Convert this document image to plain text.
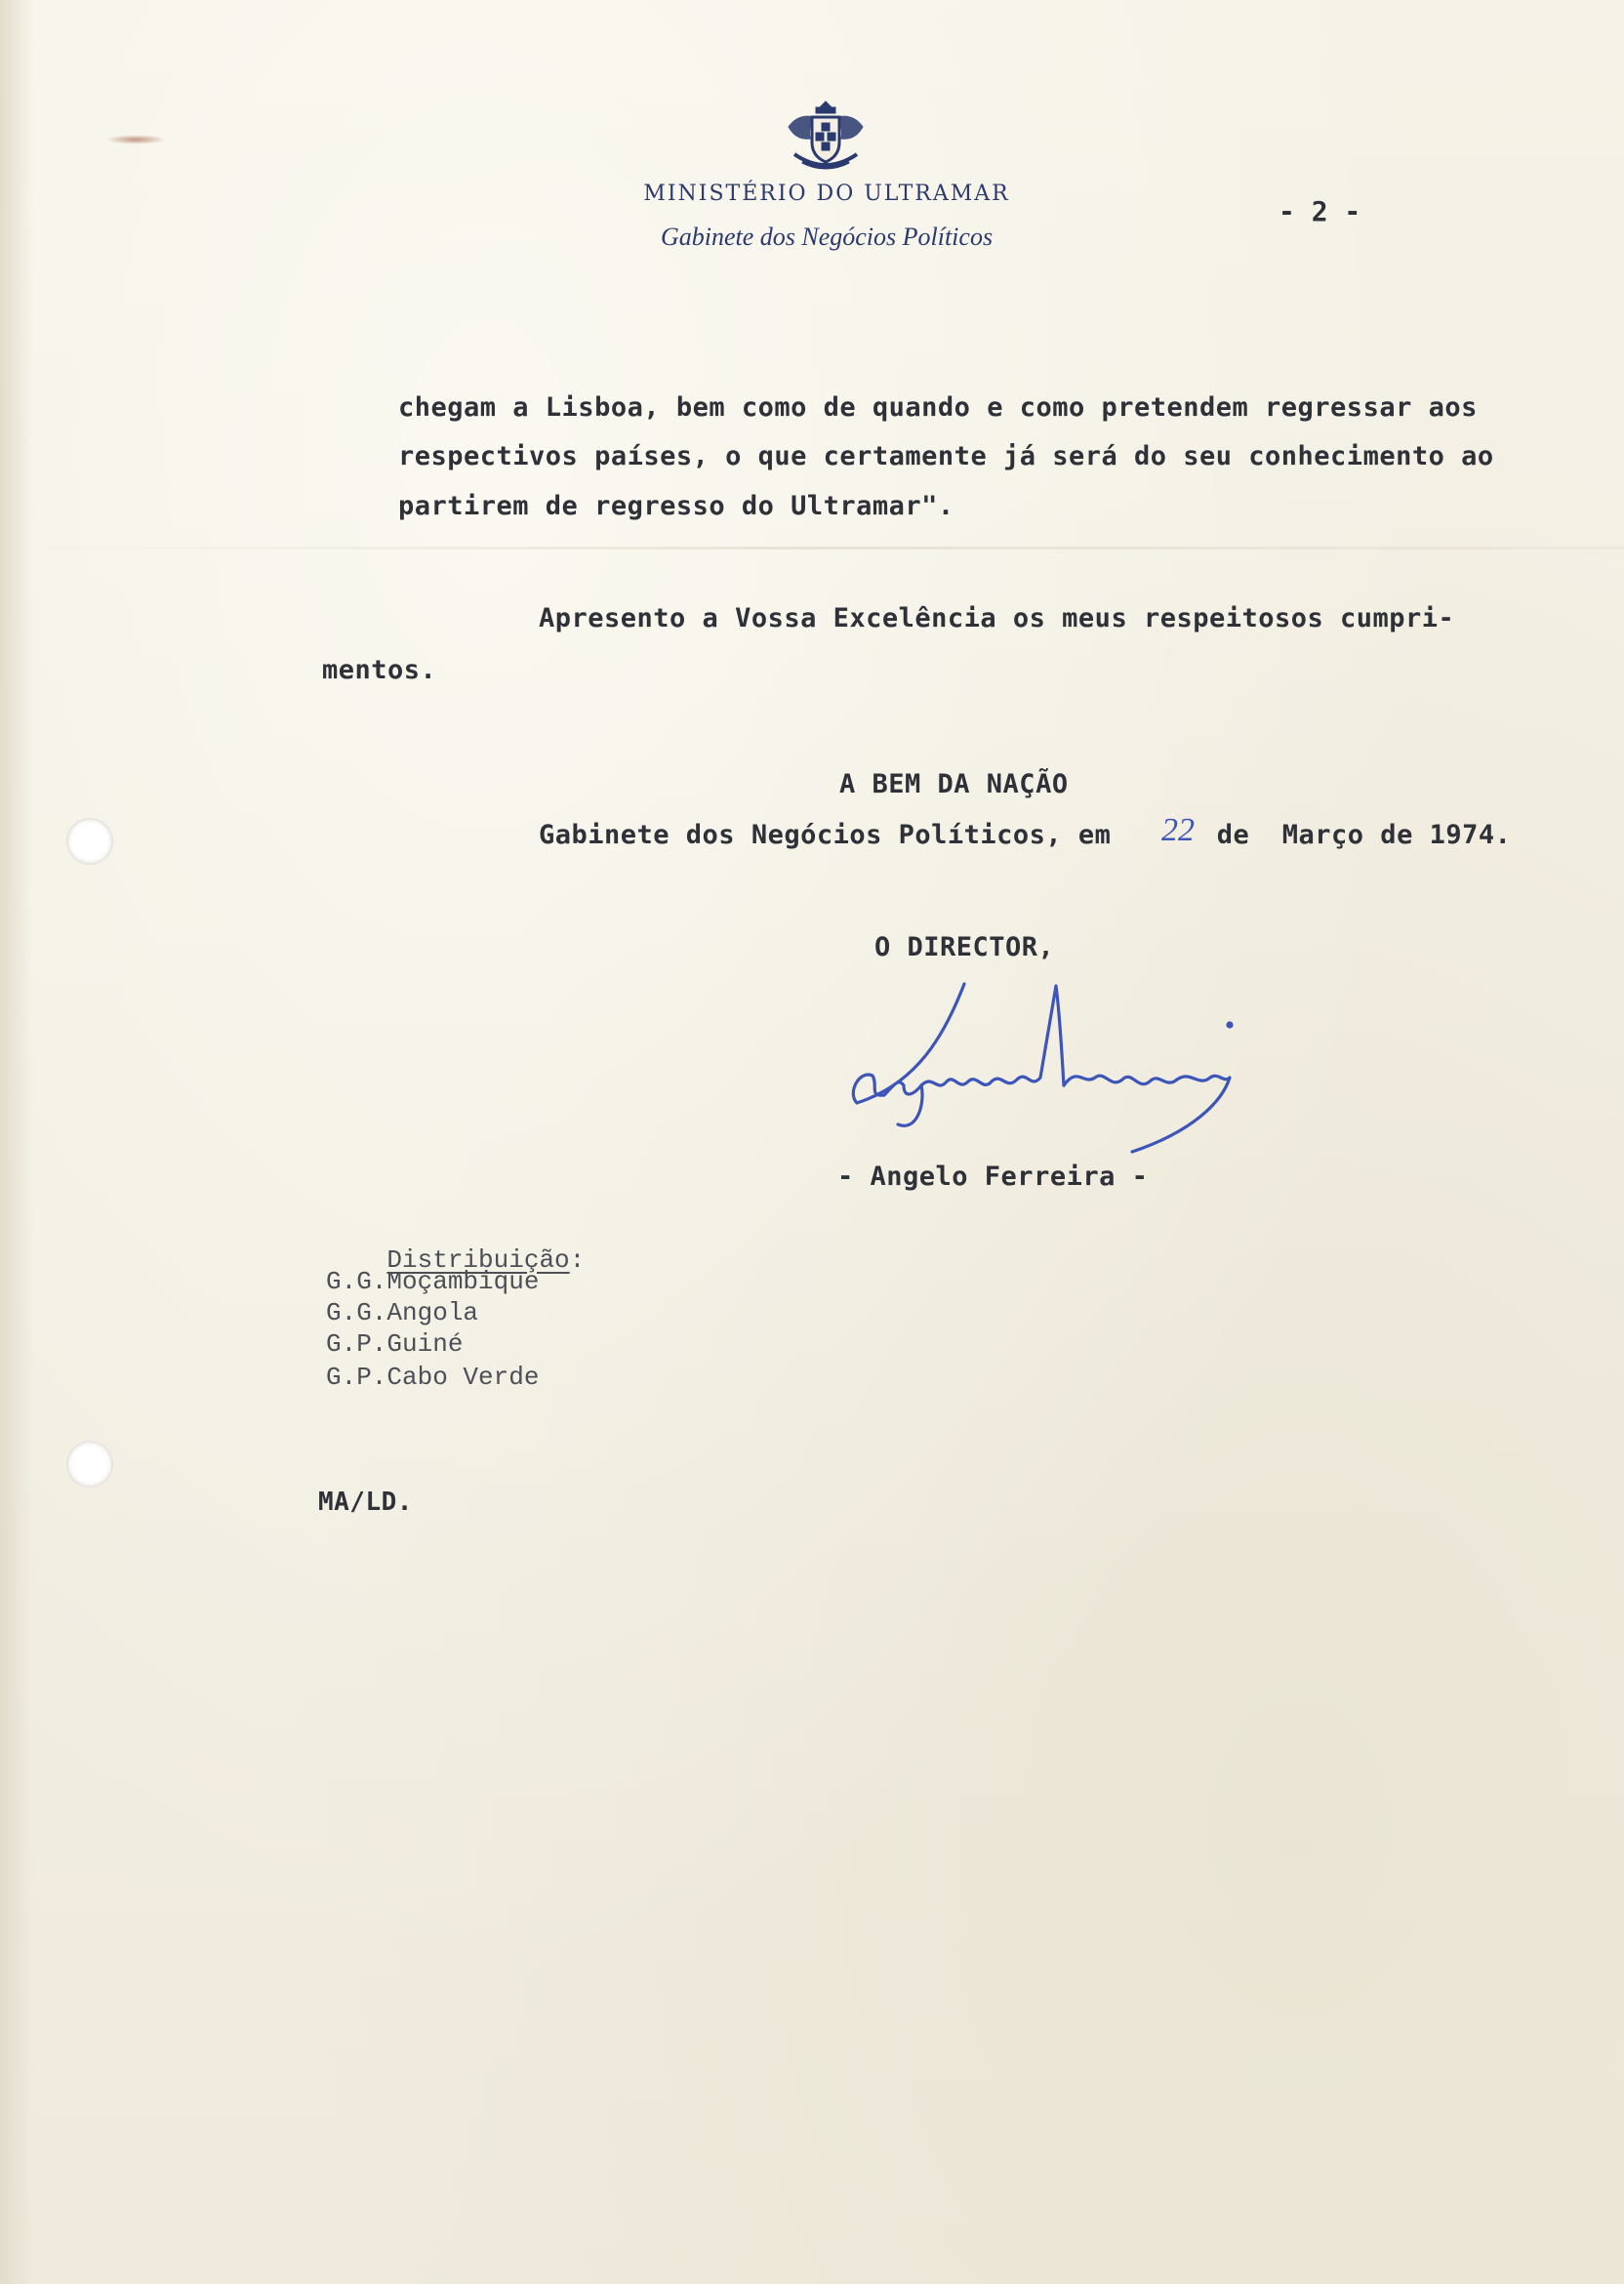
MINISTÉRIO DO ULTRAMAR
Gabinete dos Negócios Políticos
- 2 -
chegam a Lisboa, bem como de quando e como pretendem regressar aos
respectivos países, o que certamente já será do seu conhecimento ao
partirem de regresso do Ultramar".
Apresento a Vossa Excelência os meus respeitosos cumpri-
mentos.
A BEM DA NAÇÃO
Gabinete dos Negócios Políticos, em 22 de  Março de 1974.
O DIRECTOR,
- Angelo Ferreira -

Distribuição:

G.G.Moçambique
G.G.Angola
G.P.Guiné
G.P.Cabo Verde
MA/LD.
